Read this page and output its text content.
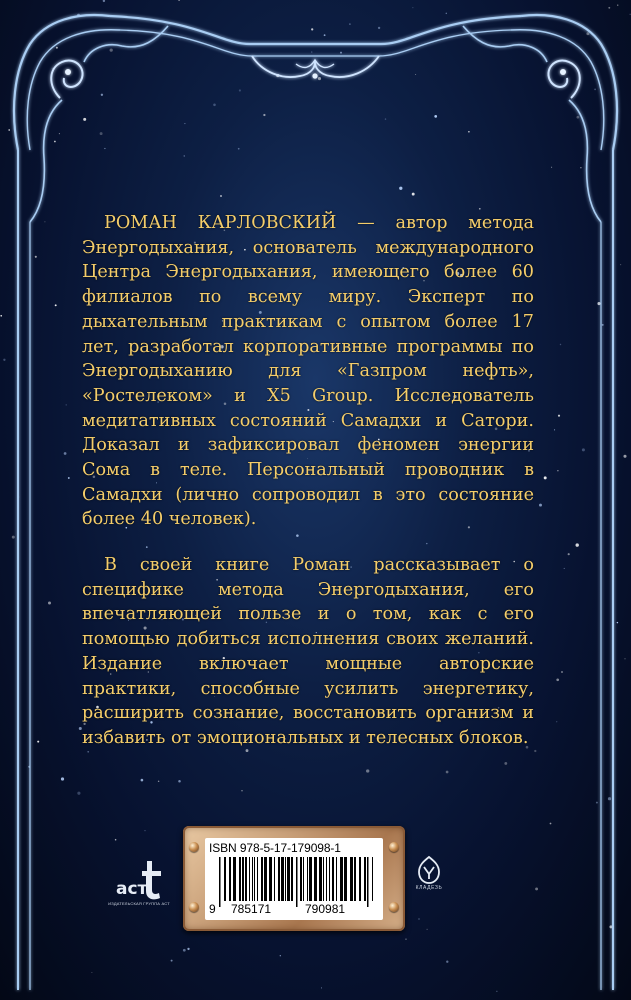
РОМАН КАРЛОВСКИЙ — автор метода Энергодыхания, основатель международного Центра Энергодыхания, имеющего более 60 филиалов по всему миру. Эксперт по дыхательным практикам с опытом более 17 лет, разработал корпоративные программы по Энергодыханию для «Газпром нефть», «Ростелеком» и X5 Group. Исследователь медитативных состояний Самадхи и Сатори. Доказал и зафиксировал феномен энергии Сома в теле. Персональный проводник в Самадхи (лично сопроводил в это состояние более 40 человек).

В своей книге Роман рассказывает о специфике метода Энергодыхания, его впечатляющей пользе и о том, как с его помощью добиться исполнения своих желаний. Издание включает мощные авторские практики, способные усилить энергетику, расширить сознание, восстановить организм и избавить от эмоциональных и телесных блоков.

аст
ИЗДАТЕЛЬСКАЯ ГРУППА АСТ
КЛАДЕЗЬ
ISBN 978-5-17-179098-1
9 785171	790981
